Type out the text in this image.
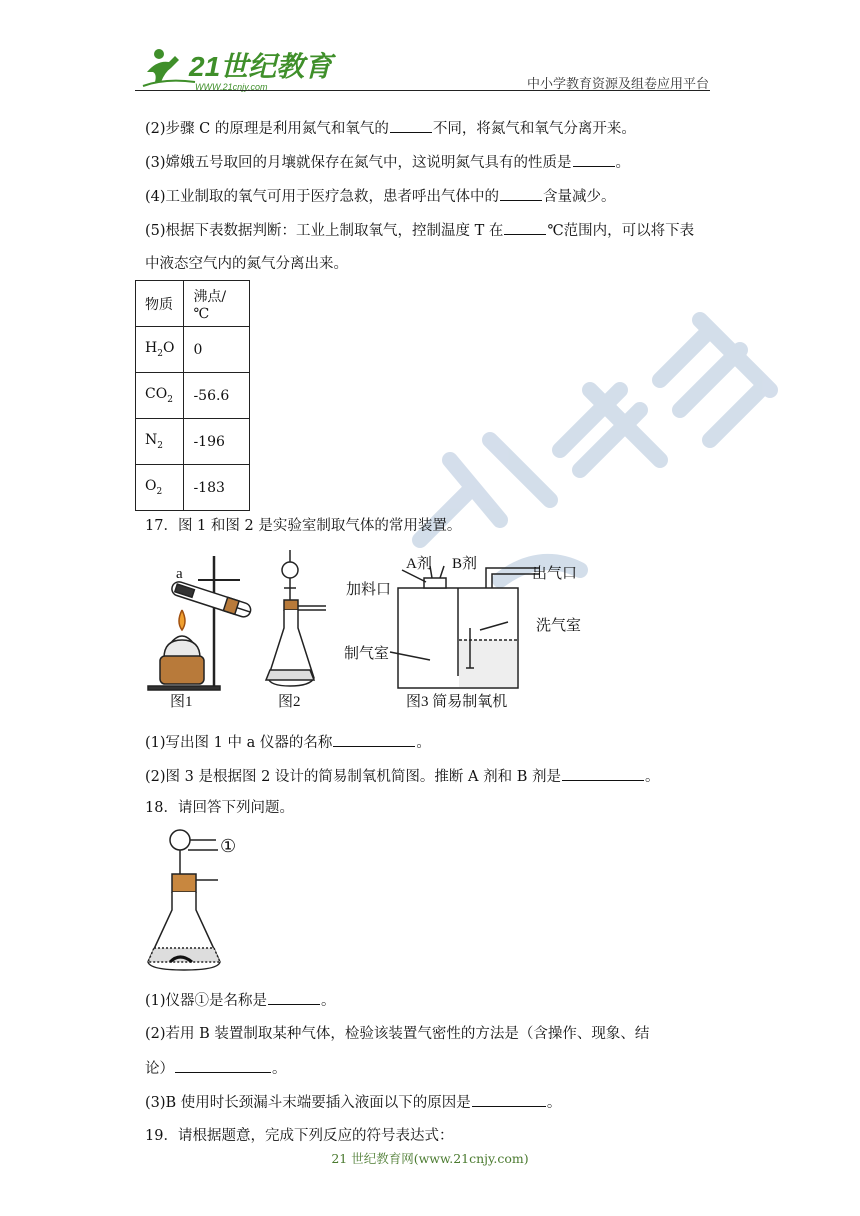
21世纪教育
WWW.21cnjy.com	中小学教育资源及组卷应用平台
(2)步骤 C 的原理是利用氮气和氧气的	不同，将氮气和氧气分离开来。
(3)嫦娥五号取回的月壤就保存在氮气中，这说明氮气具有的性质是	。
(4)工业制取的氧气可用于医疗急救，患者呼出气体中的	含量减少。
(5)根据下表数据判断：工业上制取氧气，控制温度 T 在	℃范围内，可以将下表
中液态空气内的氮气分离出来。
物质	沸点/℃
$H_2O$	0
$CO_2$	-56.6
$N_2$	-196
$O_2$	-183
17．图 1 和图 2 是实验室制取气体的常用装置。
a
图1	图2	图3 简易制氧机
A剂 B剂
加料口
出气口
洗气室
制气室
(1)写出图 1 中 a 仪器的名称	。
(2)图 3 是根据图 2 设计的简易制氧机简图。推断 A 剂和 B 剂是	。
18．请回答下列问题。
①
(1)仪器①是名称是	。
(2)若用 B 装置制取某种气体，检验该装置气密性的方法是（含操作、现象、结
论）	。
(3)B 使用时长颈漏斗末端要插入液面以下的原因是	。
19．请根据题意，完成下列反应的符号表达式：
21 世纪教育网(www.21cnjy.com)
